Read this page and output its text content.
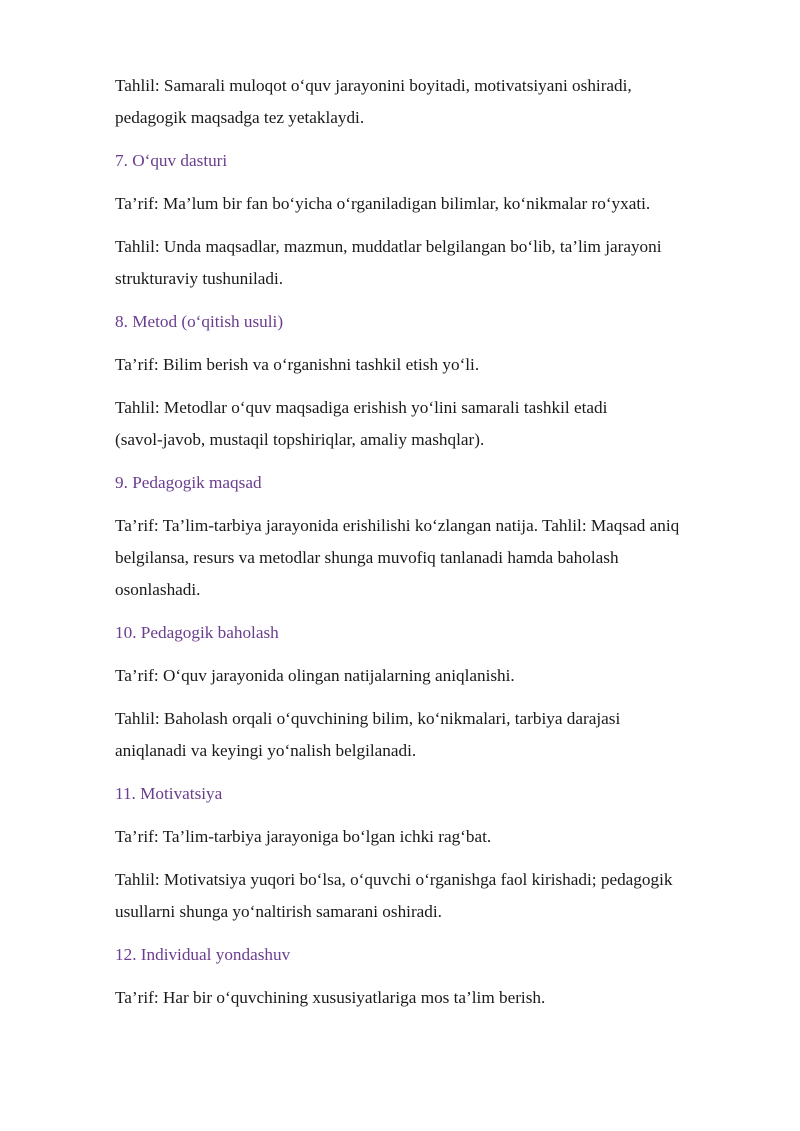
Tahlil: Samarali muloqot o‘quv jarayonini boyitadi, motivatsiyani oshiradi,
pedagogik maqsadga tez yetaklaydi.

7. O‘quv dasturi

Ta’rif: Ma’lum bir fan bo‘yicha o‘rganiladigan bilimlar, ko‘nikmalar ro‘yxati.

Tahlil: Unda maqsadlar, mazmun, muddatlar belgilangan bo‘lib, ta’lim jarayoni
strukturaviy tushuniladi.

8. Metod (o‘qitish usuli)

Ta’rif: Bilim berish va o‘rganishni tashkil etish yo‘li.

Tahlil: Metodlar o‘quv maqsadiga erishish yo‘lini samarali tashkil etadi
(savol-javob, mustaqil topshiriqlar, amaliy mashqlar).

9. Pedagogik maqsad

Ta’rif: Ta’lim-tarbiya jarayonida erishilishi ko‘zlangan natija. Tahlil: Maqsad aniq
belgilansa, resurs va metodlar shunga muvofiq tanlanadi hamda baholash
osonlashadi.

10. Pedagogik baholash

Ta’rif: O‘quv jarayonida olingan natijalarning aniqlanishi.

Tahlil: Baholash orqali o‘quvchining bilim, ko‘nikmalari, tarbiya darajasi
aniqlanadi va keyingi yo‘nalish belgilanadi.

11. Motivatsiya

Ta’rif: Ta’lim-tarbiya jarayoniga bo‘lgan ichki rag‘bat.

Tahlil: Motivatsiya yuqori bo‘lsa, o‘quvchi o‘rganishga faol kirishadi; pedagogik
usullarni shunga yo‘naltirish samarani oshiradi.

12. Individual yondashuv

Ta’rif: Har bir o‘quvchining xususiyatlariga mos ta’lim berish.
